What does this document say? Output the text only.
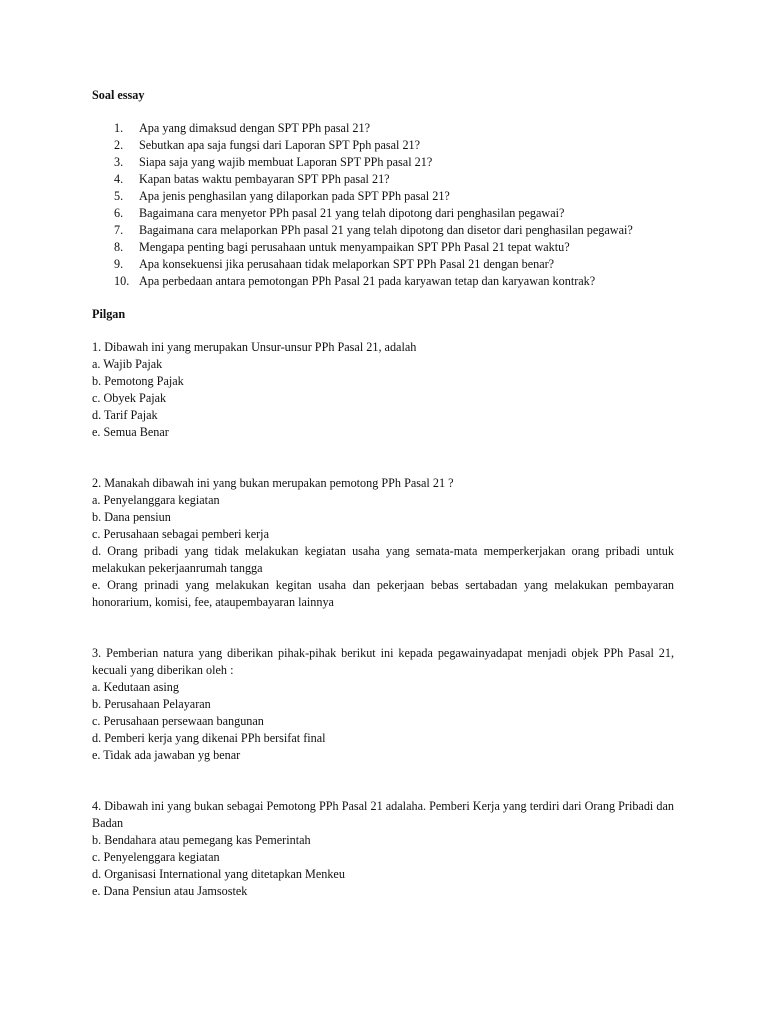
Soal essay

1.	Apa yang dimaksud dengan SPT PPh pasal 21?
2.	Sebutkan apa saja fungsi dari Laporan SPT Pph pasal 21?
3.	Siapa saja yang wajib membuat Laporan SPT PPh pasal 21?
4.	Kapan batas waktu pembayaran SPT PPh pasal 21?
5.	Apa jenis penghasilan yang dilaporkan pada SPT PPh pasal 21?
6.	Bagaimana cara menyetor PPh pasal 21 yang telah dipotong dari penghasilan pegawai?
7.	Bagaimana cara melaporkan PPh pasal 21 yang telah dipotong dan disetor dari penghasilan pegawai?
8.	Mengapa penting bagi perusahaan untuk menyampaikan SPT PPh Pasal 21 tepat waktu?
9.	Apa konsekuensi jika perusahaan tidak melaporkan SPT PPh Pasal 21 dengan benar?
10. Apa perbedaan antara pemotongan PPh Pasal 21 pada karyawan tetap dan karyawan kontrak?

Pilgan

1. Dibawah ini yang merupakan Unsur-unsur PPh Pasal 21, adalah

a. Wajib Pajak

b. Pemotong Pajak

c. Obyek Pajak

d. Tarif Pajak

e. Semua Benar

2. Manakah dibawah ini yang bukan merupakan pemotong PPh Pasal 21 ?

a. Penyelanggara kegiatan

b. Dana pensiun

c. Perusahaan sebagai pemberi kerja

d. Orang pribadi yang tidak melakukan kegiatan usaha yang semata-mata memperkerjakan orang pribadi untuk melakukan pekerjaanrumah tangga

e. Orang prinadi yang melakukan kegitan usaha dan pekerjaan bebas sertabadan yang melakukan pembayaran honorarium, komisi, fee, ataupembayaran lainnya

3. Pemberian natura yang diberikan pihak-pihak berikut ini kepada pegawainyadapat menjadi objek PPh Pasal 21, kecuali yang diberikan oleh :

a. Kedutaan asing

b. Perusahaan Pelayaran

c. Perusahaan persewaan bangunan

d. Pemberi kerja yang dikenai PPh bersifat final

e. Tidak ada jawaban yg benar

4. Dibawah ini yang bukan sebagai Pemotong PPh Pasal 21 adalaha. Pemberi Kerja yang terdiri dari Orang Pribadi dan Badan

b. Bendahara atau pemegang kas Pemerintah

c. Penyelenggara kegiatan

d. Organisasi International yang ditetapkan Menkeu

e. Dana Pensiun atau Jamsostek
